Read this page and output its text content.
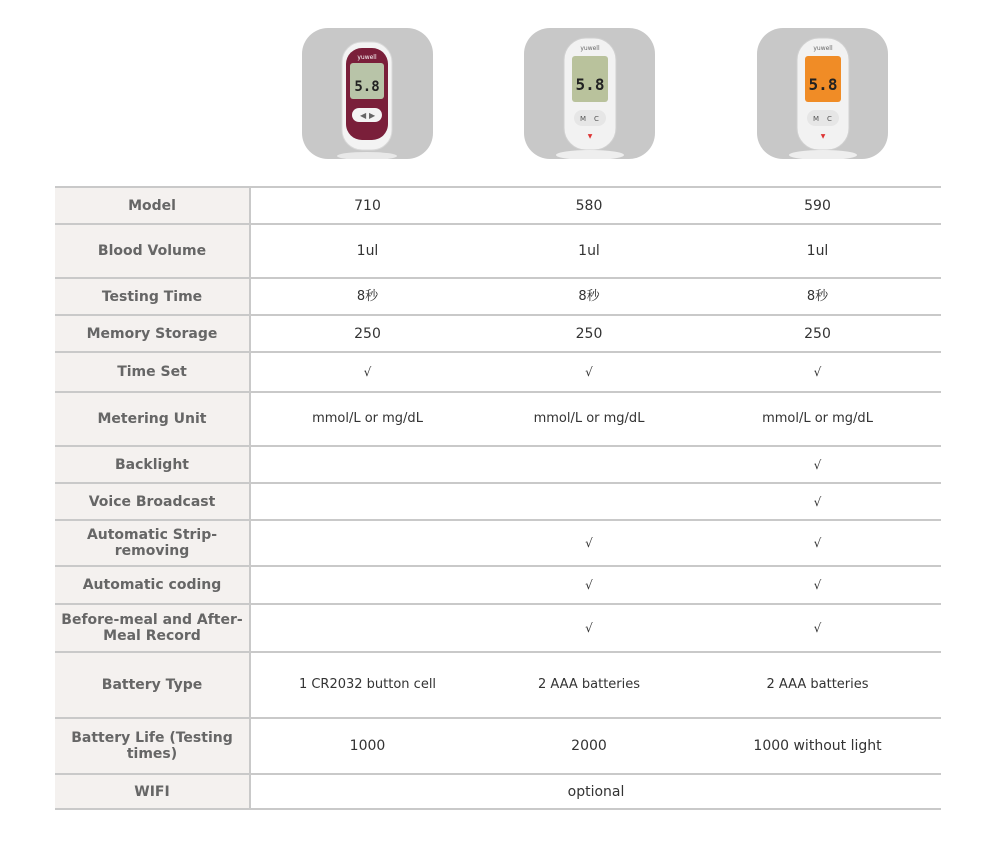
yuwell
5.8
◀ ▶
yuwell
5.8
M C
▼
yuwell
5.8
M C
▼
Model	710	580	590
Blood Volume	1ul	1ul	1ul
Testing Time	8秒	8秒	8秒
Memory Storage	250	250	250
Time Set	√	√	√
Metering Unit	mmol/L or mg/dL	mmol/L or mg/dL	mmol/L or mg/dL
Backlight			√
Voice Broadcast			√
Automatic Strip-removing		√	√
Automatic coding		√	√
Before-meal and After-Meal Record		√	√
Battery Type	1 CR2032 button cell	2 AAA batteries	2 AAA batteries
Battery Life (Testing times)	1000	2000	1000 without light
WIFI	optional		
